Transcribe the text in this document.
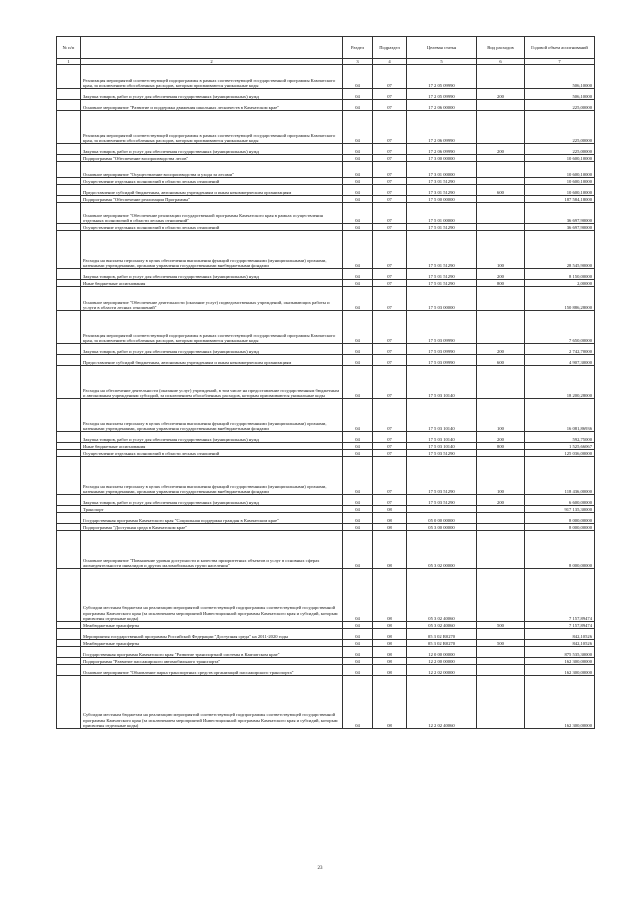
№ п/п		Раздел	Подраздел	Целевая статья	Вид расходов	Годовой объем ассигнований
1	2	3	4	5	6	7
	Реализация мероприятий соответствующей подпрограммы в рамках соответствующей государственной программы Камчатского края, за исключением обособленных расходов, которым присваиваются уникальные коды	04	07	17 2 05 09990		506,10000
	Закупка товаров, работ и услуг для обеспечения государственных (муниципальных) нужд	04	07	17 2 05 09990	200	506,10000
	Основное мероприятие "Развитие и поддержка движения школьных лесничеств в Камчатском крае"	04	07	17 2 06 00000		225,00000
	Реализация мероприятий соответствующей подпрограммы в рамках соответствующей государственной программы Камчатского края, за исключением обособленных расходов, которым присваиваются уникальные коды	04	07	17 2 06 09990		225,00000
	Закупка товаров, работ и услуг для обеспечения государственных (муниципальных) нужд	04	07	17 2 06 09990	200	225,00000
	Подпрограмма "Обеспечение воспроизводства лесов"	04	07	17 3 00 00000		10 600,10000
	Основное мероприятие "Осуществление воспроизводства и ухода за лесами"	04	07	17 3 01 00000		10 600,10000
	Осуществление отдельных полномочий в области лесных отношений	04	07	17 3 01 51290		10 600,10000
	Предоставление субсидий бюджетным, автономным учреждениям и иным некоммерческим организациям	04	07	17 3 01 51290	600	10 600,10000
	Подпрограмма "Обеспечение реализации Программы"	04	07	17 5 00 00000		187 584,18000
	Основное мероприятие "Обеспечение реализации государственной программы Камчатского края в рамках осуществления отдельных полномочий в области лесных отношений"	04	07	17 5 01 00000		36 697,90000
	Осуществление отдельных полномочий в области лесных отношений	04	07	17 5 01 51290		36 697,90000
	Расходы на выплаты персоналу в целях обеспечения выполнения функций государственными (муниципальными) органами, казенными учреждениями, органами управления государственными внебюджетными фондами	04	07	17 5 01 51290	100	28 545,90000
	Закупка товаров, работ и услуг для обеспечения государственных (муниципальных) нужд	04	07	17 5 01 51290	200	8 150,00000
	Иные бюджетные ассигнования	04	07	17 5 01 51290	800	2,00000
	Основное мероприятие "Обеспечение деятельности (оказание услуг) подведомственных учреждений, оказывающих работы и услуги в области лесных отношений"	04	07	17 5 03 00000		150 886,28000
	Реализация мероприятий соответствующей подпрограммы в рамках соответствующей государственной программы Камчатского края, за исключением обособленных расходов, которым присваиваются уникальные коды	04	07	17 5 03 09990		7 650,00000
	Закупка товаров, работ и услуг для обеспечения государственных (муниципальных) нужд	04	07	17 5 03 09990	200	2 742,70000
	Предоставление субсидий бюджетным, автономным учреждениям и иным некоммерческим организациям	04	07	17 5 03 09990	600	4 907,30000
	Расходы на обеспечение деятельности (оказание услуг) учреждений, в том числе на предоставление государственным бюджетным и автономным учреждениям субсидий, за исключением обособленных расходов, которым присваиваются уникальные коды	04	07	17 5 03 10140		18 200,28000
	Расходы на выплаты персоналу в целях обеспечения выполнения функций государственными (муниципальными) органами, казенными учреждениями, органами управления государственными внебюджетными фондами	04	07	17 5 03 10140	100	16 081,86936
	Закупка товаров, работ и услуг для обеспечения государственных (муниципальных) нужд	04	07	17 5 03 10140	200	592,75000
	Иные бюджетные ассигнования	04	07	17 5 03 10140	800	1 525,66067
	Осуществление отдельных полномочий в области лесных отношений	04	07	17 5 03 51290		125 036,00000
	Расходы на выплаты персоналу в целях обеспечения выполнения функций государственными (муниципальными) органами, казенными учреждениями, органами управления государственными внебюджетными фондами	04	07	17 5 03 51290	100	118 436,00000
	Закупка товаров, работ и услуг для обеспечения государственных (муниципальных) нужд	04	07	17 5 03 51290	200	6 600,00000
	Транспорт	04	08			917 135,30000
	Государственная программа Камчатского края "Социальная поддержка граждан в Камчатском крае"	04	08	05 0 00 00000		8 000,00000
	Подпрограмма "Доступная среда в Камчатском крае"	04	08	05 3 00 00000		8 000,00000
	Основное мероприятие "Повышение уровня доступности и качества приоритетных объектов и услуг в основных сферах жизнедеятельности инвалидов и других маломобильных групп населения"	04	08	05 3 02 00000		8 000,00000
	Субсидии местным бюджетам на реализацию мероприятий соответствующей подпрограммы соответствующей государственной программы Камчатского края (за исключением мероприятий Инвестиционной программы Камчатского края и субсидий, которым присвоены отдельные коды)	04	08	05 3 02 40060		7 157,89474
	Межбюджетные трансферты	04	08	05 3 02 40060	500	7 157,89474
	Мероприятия государственной программы Российской Федерации "Доступная среда" на 2011-2020 годы	04	08	05 3 02 R0270		842,10526
	Межбюджетные трансферты	04	08	05 3 02 R0270	500	842,10526
	Государственная программа Камчатского края "Развитие транспортной системы в Камчатском крае"	04	08	12 0 00 00000		875 535,30000
	Подпрограмма "Развитие пассажирского автомобильного транспорта"	04	08	12 2 00 00000		162 300,00000
	Основное мероприятие "Обновление парка транспортных средств организаций пассажирского транспорта"	04	08	12 2 02 00000		162 300,00000
	Субсидии местным бюджетам на реализацию мероприятий соответствующей подпрограммы соответствующей государственной программы Камчатского края (за исключением мероприятий Инвестиционной программы Камчатского края и субсидий, которым присвоены отдельные коды)	04	08	12 2 02 40060		162 300,00000
23
